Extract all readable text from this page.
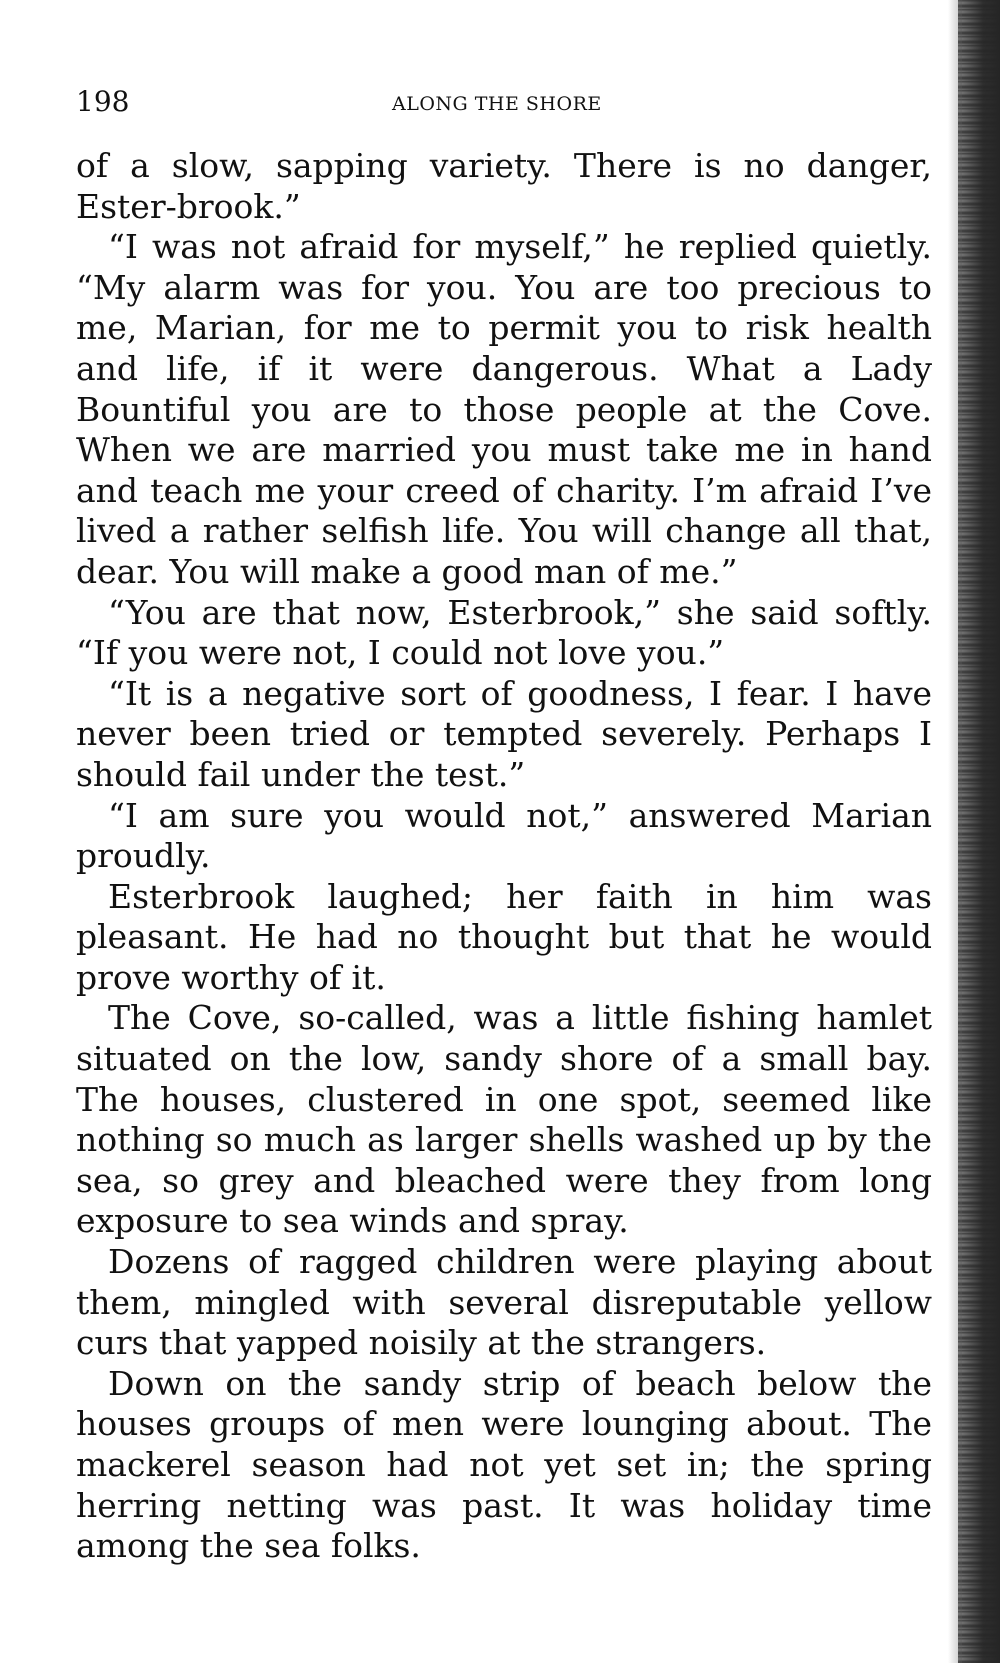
198	ALONG THE SHORE

of a slow, sapping variety. There is no danger, Ester-brook.”

“I was not afraid for myself,” he replied quietly. “My alarm was for you. You are too precious to me, Marian, for me to permit you to risk health and life, if it were dangerous. What a Lady Bountiful you are to those people at the Cove. When we are married you must take me in hand and teach me your creed of charity. I’m afraid I’ve lived a rather selfish life. You will change all that, dear. You will make a good man of me.”

“You are that now, Esterbrook,” she said softly. “If you were not, I could not love you.”

“It is a negative sort of goodness, I fear. I have never been tried or tempted severely. Perhaps I should fail under the test.”

“I am sure you would not,” answered Marian proudly.

Esterbrook laughed; her faith in him was pleasant. He had no thought but that he would prove worthy of it.

The Cove, so-called, was a little fishing hamlet situated on the low, sandy shore of a small bay. The houses, clustered in one spot, seemed like nothing so much as larger shells washed up by the sea, so grey and bleached were they from long exposure to sea winds and spray.

Dozens of ragged children were playing about them, mingled with several disreputable yellow curs that yapped noisily at the strangers.

Down on the sandy strip of beach below the houses groups of men were lounging about. The mackerel season had not yet set in; the spring herring netting was past. It was holiday time among the sea folks.
